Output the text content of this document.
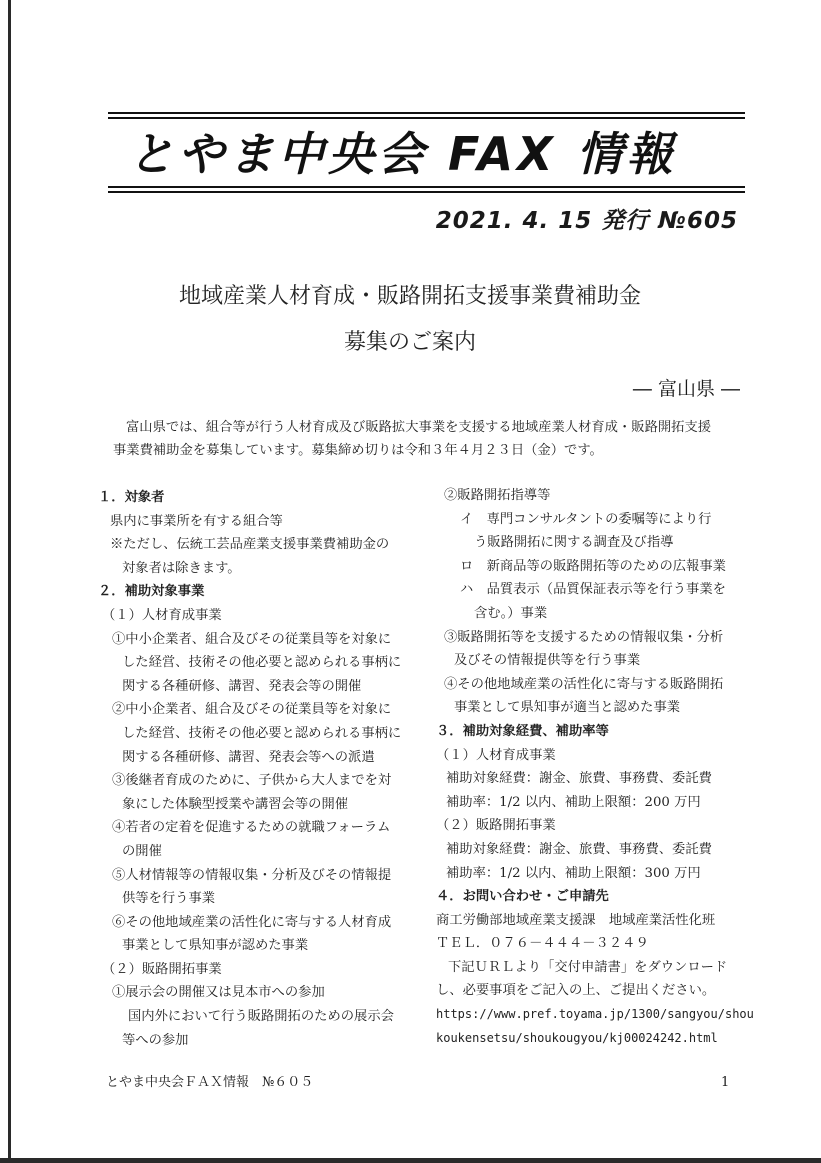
とやま中央会 FAX 情報
2021. 4. 15 発行 №605
地域産業人材育成・販路開拓支援事業費補助金
募集のご案内
― 富山県 ―
富山県では、組合等が行う人材育成及び販路拡大事業を支援する地域産業人材育成・販路開拓支援
事業費補助金を募集しています。募集締め切りは令和３年４月２３日（金）です。
１．対象者
県内に事業所を有する組合等
※ただし、伝統工芸品産業支援事業費補助金の
対象者は除きます。
２．補助対象事業
（１）人材育成事業
①中小企業者、組合及びその従業員等を対象に
した経営、技術その他必要と認められる事柄に
関する各種研修、講習、発表会等の開催
②中小企業者、組合及びその従業員等を対象に
した経営、技術その他必要と認められる事柄に
関する各種研修、講習、発表会等への派遣
③後継者育成のために、子供から大人までを対
象にした体験型授業や講習会等の開催
④若者の定着を促進するための就職フォーラム
の開催
⑤人材情報等の情報収集・分析及びその情報提
供等を行う事業
⑥その他地域産業の活性化に寄与する人材育成
事業として県知事が認めた事業
（２）販路開拓事業
①展示会の開催又は見本市への参加
国内外において行う販路開拓のための展示会
等への参加
②販路開拓指導等
イ　専門コンサルタントの委嘱等により行
う販路開拓に関する調査及び指導
ロ　新商品等の販路開拓等のための広報事業
ハ　品質表示（品質保証表示等を行う事業を
含む。）事業
③販路開拓等を支援するための情報収集・分析
及びその情報提供等を行う事業
④その他地域産業の活性化に寄与する販路開拓
事業として県知事が適当と認めた事業
３．補助対象経費、補助率等
（１）人材育成事業
補助対象経費：謝金、旅費、事務費、委託費
補助率：1/2 以内、補助上限額：200 万円
（２）販路開拓事業
補助対象経費：謝金、旅費、事務費、委託費
補助率：1/2 以内、補助上限額：300 万円
４．お問い合わせ・ご申請先
商工労働部地域産業支援課　地域産業活性化班
ＴＥＬ．０７６－４４４－３２４９
下記ＵＲＬより「交付申請書」をダウンロード
し、必要事項をご記入の上、ご提出ください。
https://www.pref.toyama.jp/1300/sangyou/shou
koukensetsu/shoukougyou/kj00024242.html
とやま中央会ＦＡＸ情報　№６０５	1
